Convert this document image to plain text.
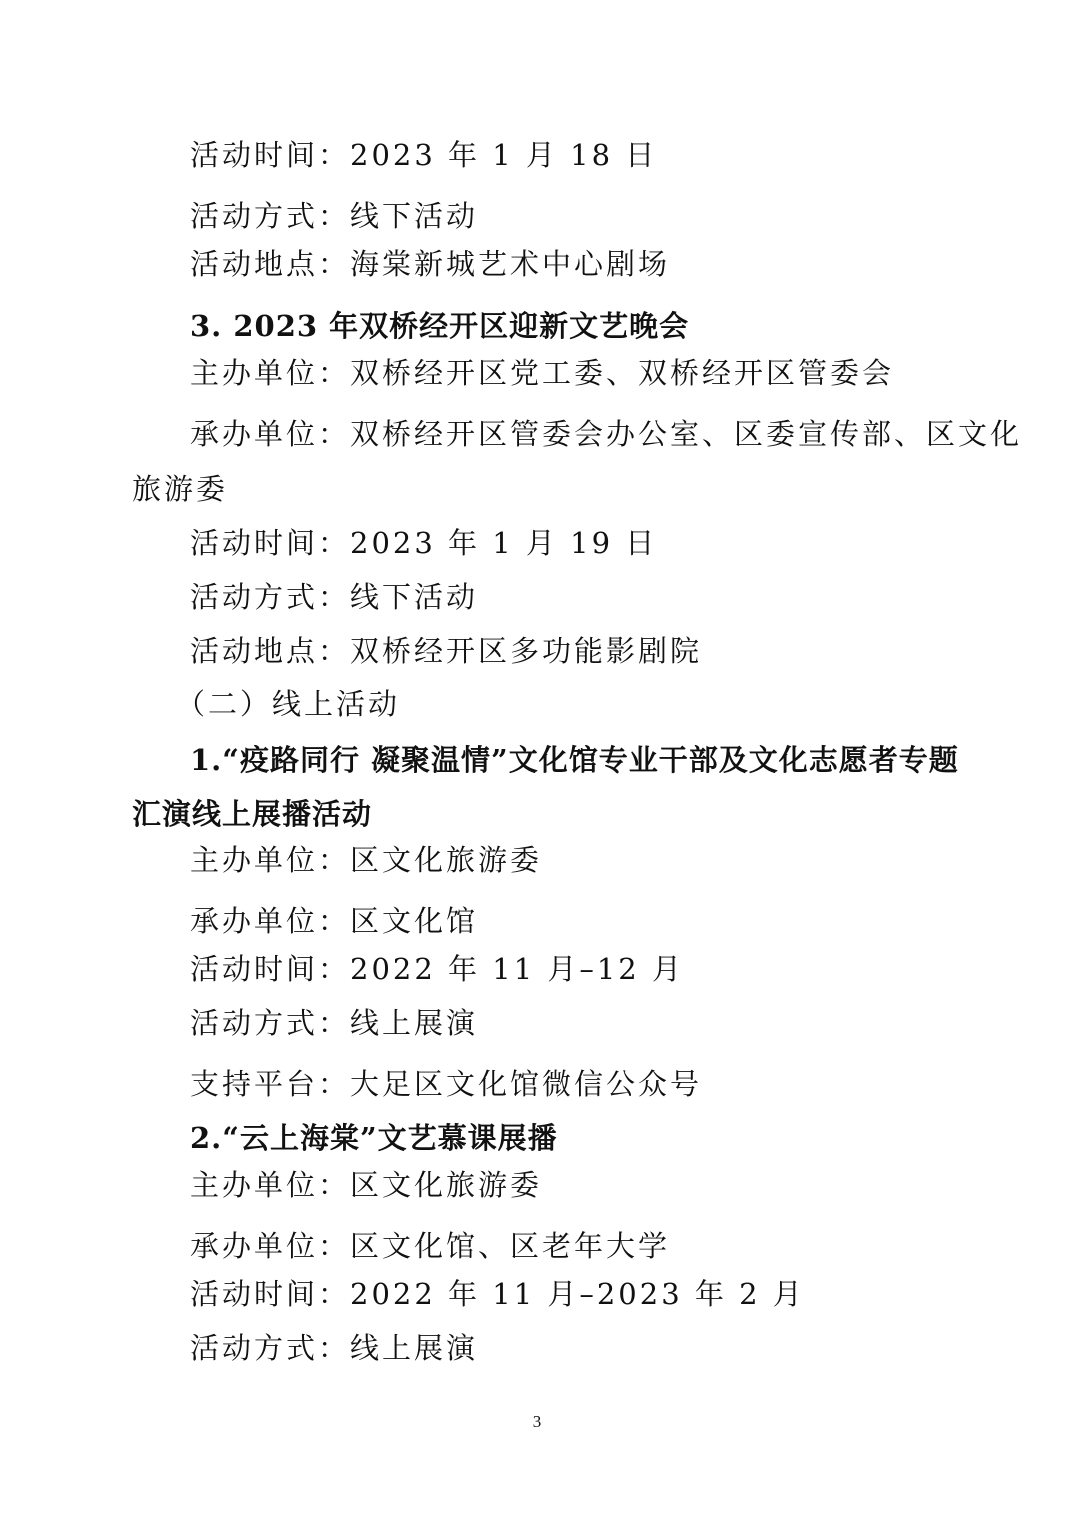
活动时间：2023 年 1 月 18 日
活动方式：线下活动
活动地点：海棠新城艺术中心剧场
3. 2023 年双桥经开区迎新文艺晚会
主办单位：双桥经开区党工委、双桥经开区管委会
承办单位：双桥经开区管委会办公室、区委宣传部、区文化
旅游委
活动时间：2023 年 1 月 19 日
活动方式：线下活动
活动地点：双桥经开区多功能影剧院
（二）线上活动
1.“疫路同行 凝聚温情”文化馆专业干部及文化志愿者专题
汇演线上展播活动
主办单位：区文化旅游委
承办单位：区文化馆
活动时间：2022 年 11 月–12 月
活动方式：线上展演
支持平台：大足区文化馆微信公众号
2.“云上海棠”文艺慕课展播
主办单位：区文化旅游委
承办单位：区文化馆、区老年大学
活动时间：2022 年 11 月–2023 年 2 月
活动方式：线上展演
3
